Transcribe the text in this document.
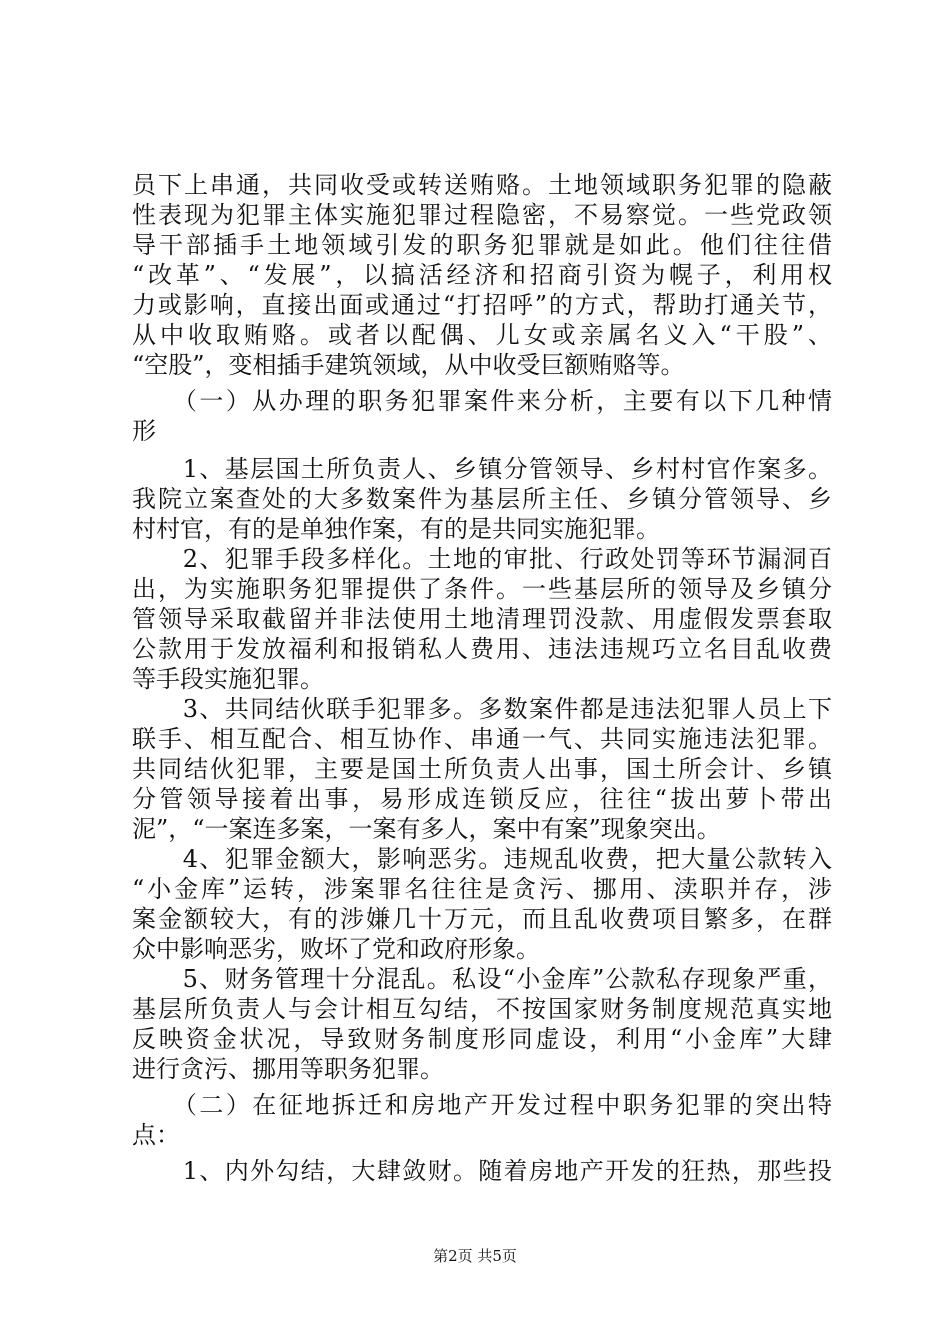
员下上串通，共同收受或转送贿赂。土地领域职务犯罪的隐蔽
性表现为犯罪主体实施犯罪过程隐密，不易察觉。一些党政领
导干部插手土地领域引发的职务犯罪就是如此。他们往往借
“改革”、“发展”，以搞活经济和招商引资为幌子，利用权
力或影响，直接出面或通过“打招呼”的方式，帮助打通关节，
从中收取贿赂。或者以配偶、儿女或亲属名义入“干股”、
“空股”，变相插手建筑领域，从中收受巨额贿赂等。
　　（一）从办理的职务犯罪案件来分析，主要有以下几种情
形
　　1、基层国土所负责人、乡镇分管领导、乡村村官作案多。
我院立案查处的大多数案件为基层所主任、乡镇分管领导、乡
村村官，有的是单独作案，有的是共同实施犯罪。
　　2、犯罪手段多样化。土地的审批、行政处罚等环节漏洞百
出，为实施职务犯罪提供了条件。一些基层所的领导及乡镇分
管领导采取截留并非法使用土地清理罚没款、用虚假发票套取
公款用于发放福利和报销私人费用、违法违规巧立名目乱收费
等手段实施犯罪。
　　3、共同结伙联手犯罪多。多数案件都是违法犯罪人员上下
联手、相互配合、相互协作、串通一气、共同实施违法犯罪。
共同结伙犯罪，主要是国土所负责人出事，国土所会计、乡镇
分管领导接着出事，易形成连锁反应，往往“拔出萝卜带出
泥”，“一案连多案，一案有多人，案中有案”现象突出。
　　4、犯罪金额大，影响恶劣。违规乱收费，把大量公款转入
“小金库”运转，涉案罪名往往是贪污、挪用、渎职并存，涉
案金额较大，有的涉嫌几十万元，而且乱收费项目繁多，在群
众中影响恶劣，败坏了党和政府形象。
　　5、财务管理十分混乱。私设“小金库”公款私存现象严重，
基层所负责人与会计相互勾结，不按国家财务制度规范真实地
反映资金状况，导致财务制度形同虚设，利用“小金库”大肆
进行贪污、挪用等职务犯罪。
　　（二）在征地拆迁和房地产开发过程中职务犯罪的突出特
点：
　　1、内外勾结，大肆敛财。随着房地产开发的狂热，那些投
第2页 共5页
